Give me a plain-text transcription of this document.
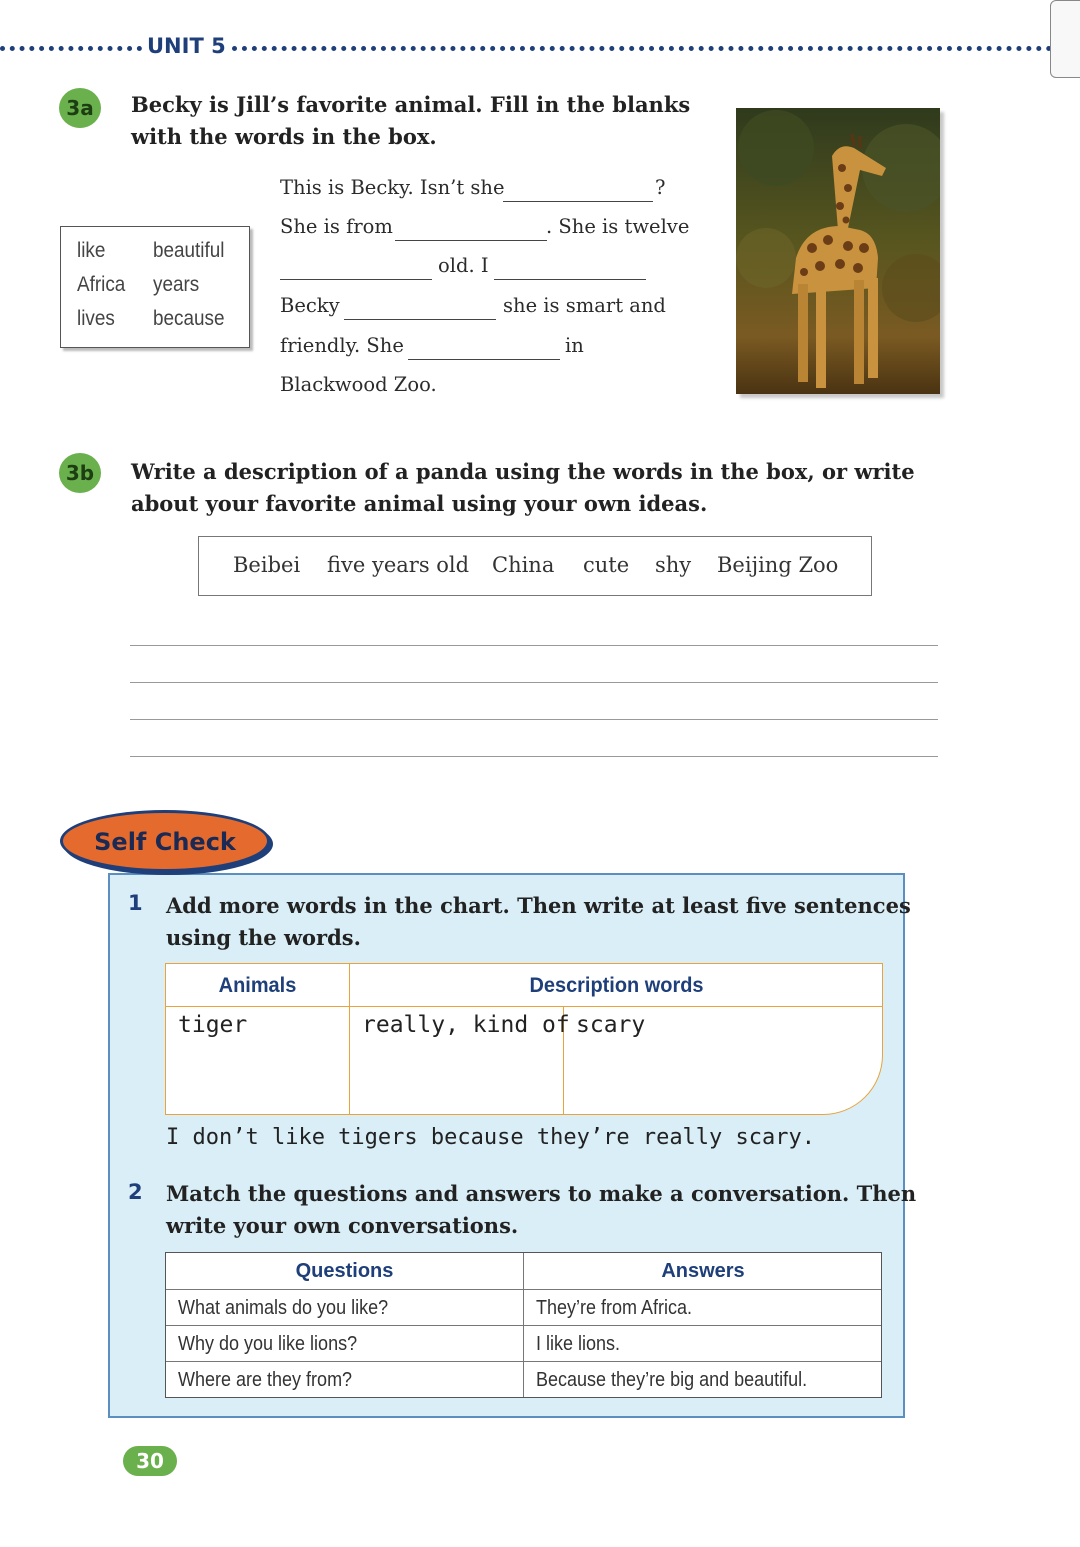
UNIT 5
3a	Becky is Jill’s favorite animal. Fill in the blanks
with the words in the box.
like beautiful
Africa years
lives because
This is Becky. Isn’t she	?
She is from	. She is twelve
old. I
Becky	she is smart and
friendly. She	in
Blackwood Zoo.
3b	Write a description of a panda using the words in the box, or write
about your favorite animal using your own ideas.
Beibei five years old China cute shy Beijing Zoo
Self Check
1 Add more words in the chart. Then write at least five sentences
using the words.
Animals	Description words
tiger	really, kind of scary
I don’t like tigers because they’re really scary.
2 Match the questions and answers to make a conversation. Then
write your own conversations.
Questions	Answers
What animals do you like?	They’re from Africa.
Why do you like lions?	I like lions.
Where are they from?	Because they’re big and beautiful.
30
